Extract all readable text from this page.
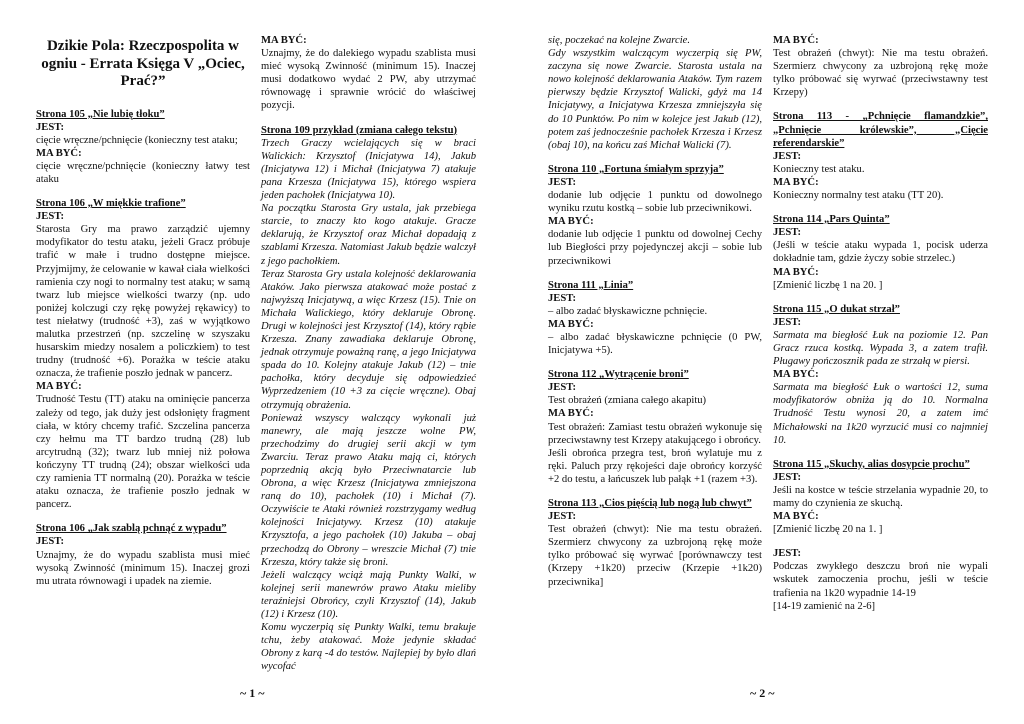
Dzikie Pola: Rzeczpospolita w ogniu - Errata Księga V „Ociec, Prać?”
Strona 105 „Nie lubię tłoku”
JEST:

cięcie wręczne/pchnięcie (konieczny test ataku;

MA BYĆ:

cięcie wręczne/pchnięcie (konieczny łatwy test ataku

Strona 106 „W miękkie trafione”
JEST:

Starosta Gry ma prawo zarządzić ujemny modyfikator do testu ataku, jeżeli Gracz próbuje trafić w małe i trudno dostępne miejsce. Przyjmijmy, że celowanie w kawał ciała wielkości ramienia czy nogi to normalny test ataku; w samą twarz lub miejsce wielkości twarzy (np. udo poniżej kolczugi czy rękę powyżej rękawicy) to test niełatwy (trudność +3), zaś w wyjątkowo malutka przestrzeń (np. szczelinę w szyszaku husarskim miedzy nosalem a policzkiem) to test trudny (trudność +6). Porażka w teście ataku oznacza, że trafienie poszło jednak w pancerz.

MA BYĆ:

Trudność Testu (TT) ataku na ominięcie pancerza zależy od tego, jak duży jest odsłonięty fragment ciała, w który chcemy trafić. Szczelina pancerza czy hełmu ma TT bardzo trudną (28) lub arcytrudną (32); twarz lub mniej niż połowa kończyny TT trudną (24); obszar wielkości uda czy ramienia TT normalną (20). Porażka w teście ataku oznacza, że trafienie poszło jednak w pancerz.

Strona 106 „Jak szablą pchnąć z wypadu”
JEST:

Uznajmy, że do wypadu szablista musi mieć wysoką Zwinność (minimum 15). Inaczej grozi mu utrata równowagi i upadek na ziemie.

MA BYĆ:

Uznajmy, że do dalekiego wypadu szablista musi mieć wysoką Zwinność (minimum 15). Inaczej musi dodatkowo wydać 2 PW, aby utrzymać równowagę i sprawnie wrócić do właściwej pozycji.

Strona 109 przykład (zmiana całego tekstu)

Trzech Graczy wcielających się w braci Walickich: Krzysztof (Inicjatywa 14), Jakub (Inicjatywa 12) i Michał (Inicjatywa 7) atakuje pana Krzesza (Inicjatywa 15), którego wspiera jeden pachołek (Inicjatywa 10).

Na początku Starosta Gry ustala, jak przebiega starcie, to znaczy kto kogo atakuje. Gracze deklarują, że Krzysztof oraz Michał dopadają z szablami Krzesza. Natomiast Jakub będzie walczył z jego pachołkiem.

Teraz Starosta Gry ustala kolejność deklarowania Ataków. Jako pierwsza atakować może postać z najwyższą Inicjatywą, a więc Krzesz (15). Tnie on Michała Walickiego, który deklaruje Obronę. Drugi w kolejności jest Krzysztof (14), który rąbie Krzesza. Znany zawadiaka deklaruje Obronę, jednak otrzymuje poważną ranę, a jego Inicjatywa spada do 10. Kolejny atakuje Jakub (12) – tnie pachołka, który decyduje się odpowiedzieć Wyprzedzeniem (10 +3 za cięcie wręczne). Obaj otrzymują obrażenia.

Ponieważ wszyscy walczący wykonali już manewry, ale mają jeszcze wolne PW, przechodzimy do drugiej serii akcji w tym Zwarciu. Teraz prawo Ataku mają ci, których poprzednią akcją było Przeciwnatarcie lub Obrona, a więc Krzesz (Inicjatywa zmniejszona raną do 10), pachołek (10) i Michał (7). Oczywiście te Ataki również rozstrzygamy według kolejności Inicjatywy. Krzesz (10) atakuje Krzysztofa, a jego pachołek (10) Jakuba – obaj przechodzą do Obrony – wreszcie Michał (7) tnie Krzesza, który także się broni.

Jeżeli walczący wciąż mają Punkty Walki, w kolejnej serii manewrów prawo Ataku mieliby teraźniejsi Obrońcy, czyli Krzysztof (14), Jakub (12) i Krzesz (10).

Komu wyczerpią się Punkty Walki, temu brakuje tchu, żeby atakować. Może jedynie składać Obrony z karą -4 do testów. Najlepiej by było dlań wycofać

~ 1 ~

się, poczekać na kolejne Zwarcie.

Gdy wszystkim walczącym wyczerpią się PW, zaczyna się nowe Zwarcie. Starosta ustala na nowo kolejność deklarowania Ataków. Tym razem pierwszy będzie Krzysztof Walicki, gdyż ma 14 Inicjatywy, a Inicjatywa Krzesza zmniejszyła się do 10 Punktów. Po nim w kolejce jest Jakub (12), potem zaś jednocześnie pachołek Krzesza i Krzesz (obaj 10), na końcu zaś Michał Walicki (7).

Strona 110 „Fortuna śmiałym sprzyja”
JEST:

dodanie lub odjęcie 1 punktu od dowolnego wyniku rzutu kostką – sobie lub przeciwnikowi.

MA BYĆ:

dodanie lub odjęcie 1 punktu od dowolnej Cechy lub Biegłości przy pojedynczej akcji – sobie lub przeciwnikowi

Strona 111 „Linia”
JEST:

– albo zadać błyskawiczne pchnięcie.

MA BYĆ:

– albo zadać błyskawiczne pchnięcie (0 PW, Inicjatywa +5).

Strona 112 „Wytrącenie broni”
JEST:

Test obrażeń (zmiana całego akapitu)

MA BYĆ:

Test obrażeń: Zamiast testu obrażeń wykonuje się przeciwstawny test Krzepy atakującego i obrońcy.

Jeśli obrońca przegra test, broń wylatuje mu z ręki. Paluch przy rękojeści daje obrońcy korzyść +2 do testu, a łańcuszek lub pałąk +1 (razem +3).

Strona 113 „Cios pięścią lub nogą lub chwyt”
JEST:

Test obrażeń (chwyt): Nie ma testu obrażeń. Szermierz chwycony za uzbrojoną rękę może tylko próbować się wyrwać [porównawczy test (Krzepy +1k20) przeciw (Krzepie +1k20) przeciwnika]

MA BYĆ:

Test obrażeń (chwyt): Nie ma testu obrażeń. Szermierz chwycony za uzbrojoną rękę może tylko próbować się wyrwać (przeciwstawny test Krzepy)

Strona 113 - „Pchnięcie flamandzkie”, „Pchnięcie królewskie”, „Cięcie referendarskie”
JEST:

Konieczny test ataku.

MA BYĆ:

Konieczny normalny test ataku (TT 20).

Strona 114 „Pars Quinta”
JEST:

(Jeśli w teście ataku wypada 1, pocisk uderza dokładnie tam, gdzie życzy sobie strzelec.)

MA BYĆ:

[Zmienić liczbę 1 na 20. ]

Strona 115 „O dukat strzał”
JEST:

Sarmata ma biegłość Łuk na poziomie 12. Pan Gracz rzuca kostką. Wypada 3, a zatem trafił. Pługawy pończosznik pada ze strzałą w piersi.

MA BYĆ:

Sarmata ma biegłość Łuk o wartości 12, suma modyfikatorów obniża ją do 10. Normalna Trudność Testu wynosi 20, a zatem imć Michałowski na 1k20 wyrzucić musi co najmniej 10.

Strona 115 „Skuchy, alias dosypcie prochu”
JEST:

Jeśli na kostce w teście strzelania wypadnie 20, to mamy do czynienia ze skuchą.

MA BYĆ:

[Zmienić liczbę 20 na 1. ]

JEST:

Podczas zwykłego deszczu broń nie wypali wskutek zamoczenia prochu, jeśli w teście trafienia na 1k20 wypadnie 14-19

[14-19 zamienić na 2-6]

~ 2 ~
